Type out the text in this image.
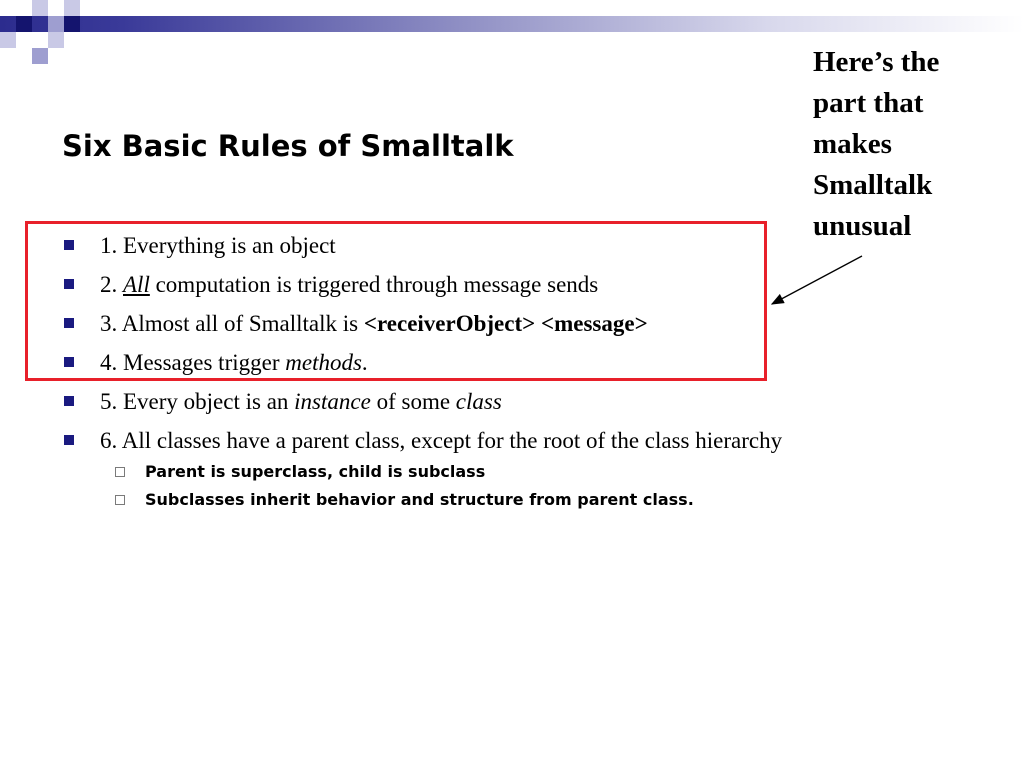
Six Basic Rules of Smalltalk
Here’s the
part that
makes
Smalltalk
unusual
1. Everything is an object
2. All computation is triggered through message sends
3. Almost all of Smalltalk is <receiverObject> <message>
4. Messages trigger methods.
5. Every object is an instance of some class
6. All classes have a parent class, except for the root of the class hierarchy
Parent is superclass, child is subclass
Subclasses inherit behavior and structure from parent class.
